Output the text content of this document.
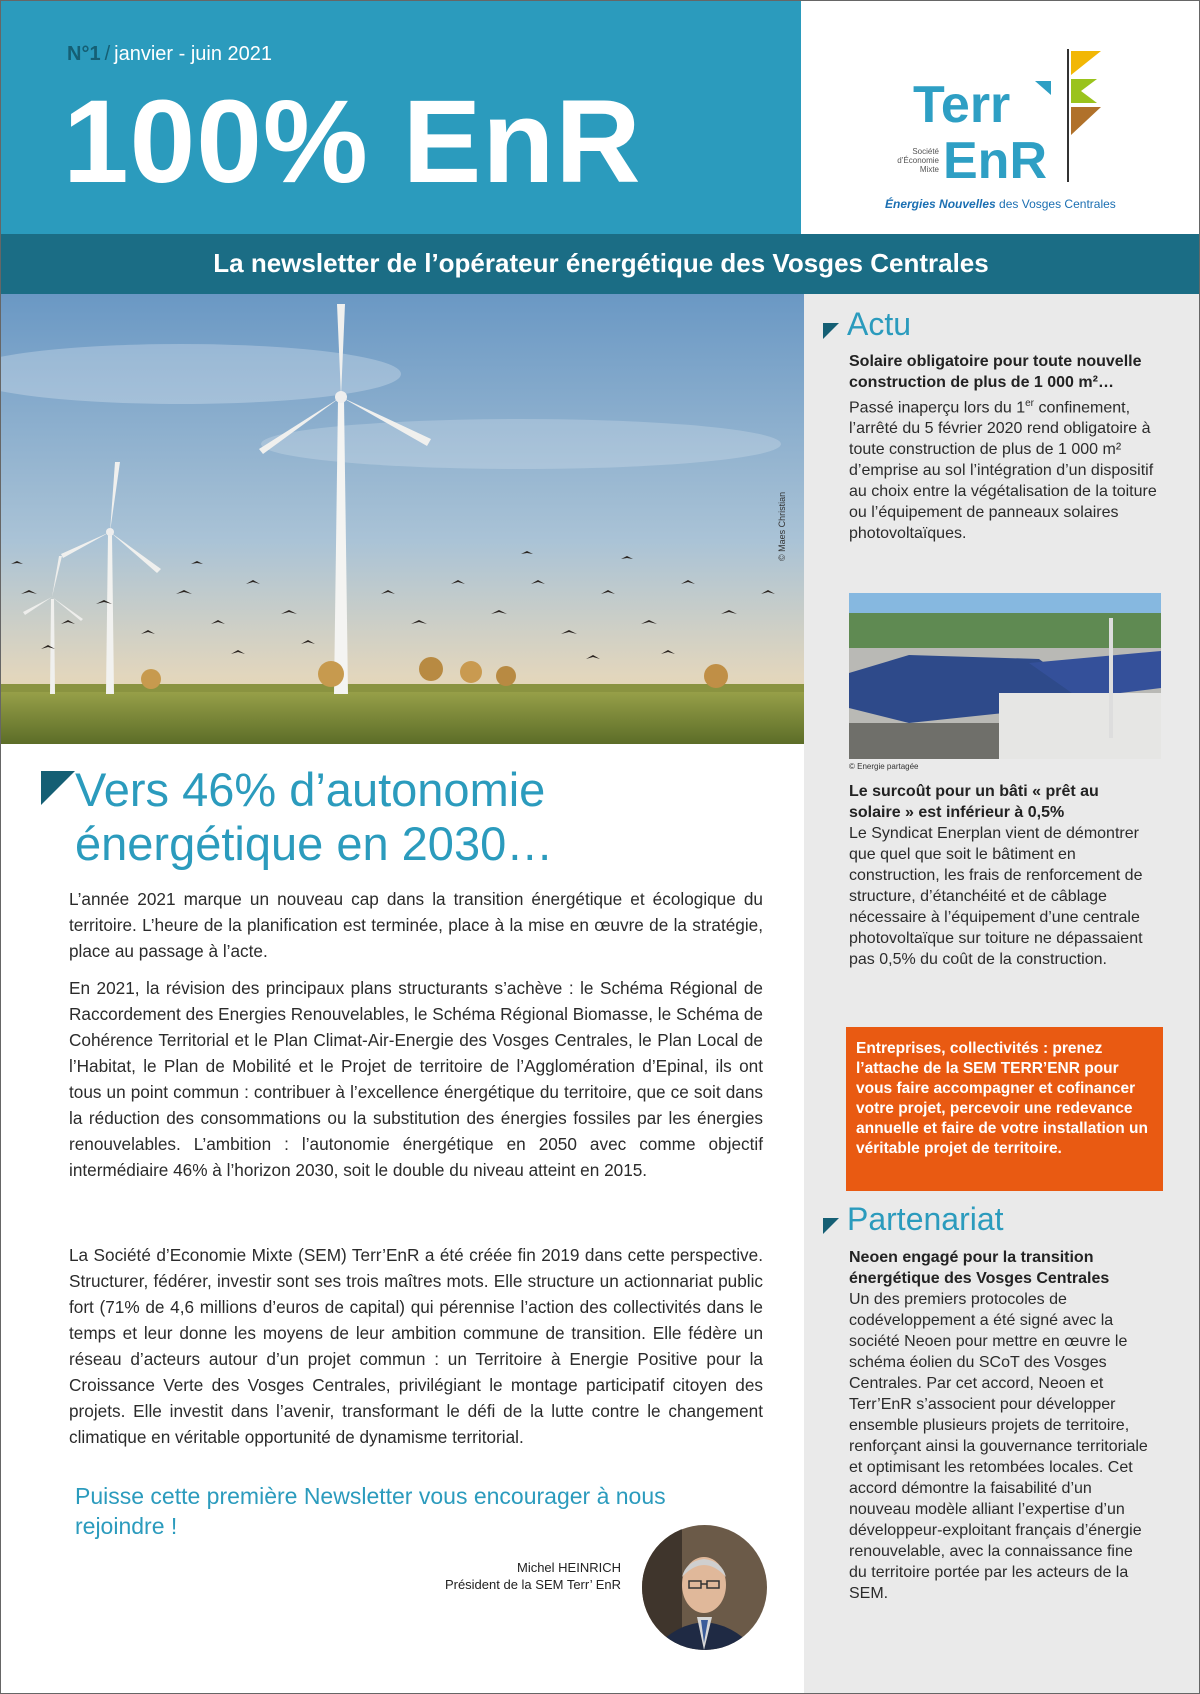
N°1 / janvier - juin 2021
100% EnR	Terr
Société d’Économie Mixte EnR
Énergies Nouvelles des Vosges Centrales
La newsletter de l’opérateur énergétique des Vosges Centrales
© Maes Christian
Actu
Solaire obligatoire pour toute nouvelle construction de plus de 1 000 m²…
Passé inaperçu lors du 1er confinement, l’arrêté du 5 février 2020 rend obligatoire à toute construction de plus de 1 000 m² d’emprise au sol l’intégration d’un dispositif au choix entre la végétalisation de la toiture ou l’équipement de panneaux solaires photovoltaïques.
© Energie partagée
Le surcoût pour un bâti « prêt au solaire » est inférieur à 0,5%
Le Syndicat Enerplan vient de démontrer que quel que soit le bâtiment en construction, les frais de renforcement de structure, d’étanchéité et de câblage nécessaire à l’équipement d’une centrale photovoltaïque sur toiture ne dépassaient pas 0,5% du coût de la construction.
Entreprises, collectivités : prenez l’attache de la SEM TERR’ENR pour vous faire accompagner et cofinancer votre projet, percevoir une redevance annuelle et faire de votre installation un véritable projet de territoire.
Partenariat
Neoen engagé pour la transition énergétique des Vosges Centrales
Un des premiers protocoles de codéveloppement a été signé avec la société Neoen pour mettre en œuvre le schéma éolien du SCoT des Vosges Centrales. Par cet accord, Neoen et Terr’EnR s’associent pour développer ensemble plusieurs projets de territoire, renforçant ainsi la gouvernance territoriale et optimisant les retombées locales. Cet accord démontre la faisabilité d’un nouveau modèle alliant l’expertise d’un développeur-exploitant français d’énergie renouvelable, avec la connaissance fine du territoire portée par les acteurs de la SEM.
Vers 46% d’autonomie énergétique en 2030…

L’année 2021 marque un nouveau cap dans la transition énergétique et écologique du territoire. L’heure de la planification est terminée, place à la mise en œuvre de la stratégie, place au passage à l’acte.

En 2021, la révision des principaux plans structurants s’achève : le Schéma Régional de Raccordement des Energies Renouvelables, le Schéma Régional Biomasse, le Schéma de Cohérence Territorial et le Plan Climat-Air-Energie des Vosges Centrales, le Plan Local de l’Habitat, le Plan de Mobilité et le Projet de territoire de l’Agglomération d’Epinal, ils ont tous un point commun : contribuer à l’excellence énergétique du territoire, que ce soit dans la réduction des consommations ou la substitution des énergies fossiles par les énergies renouvelables. L’ambition : l’autonomie énergétique en 2050 avec comme objectif intermédiaire 46% à l’horizon 2030, soit le double du niveau atteint en 2015.

La Société d’Economie Mixte (SEM) Terr’EnR a été créée fin 2019 dans cette perspective. Structurer, fédérer, investir sont ses trois maîtres mots. Elle structure un actionnariat public fort (71% de 4,6 millions d’euros de capital) qui pérennise l’action des collectivités dans le temps et leur donne les moyens de leur ambition commune de transition. Elle fédère un réseau d’acteurs autour d’un projet commun : un Territoire à Energie Positive pour la Croissance Verte des Vosges Centrales, privilégiant le montage participatif citoyen des projets. Elle investit dans l’avenir, transformant le défi de la lutte contre le changement climatique en véritable opportunité de dynamisme territorial.

Puisse cette première Newsletter vous encourager à nous rejoindre !
Michel HEINRICH
Président de la SEM Terr’ EnR
